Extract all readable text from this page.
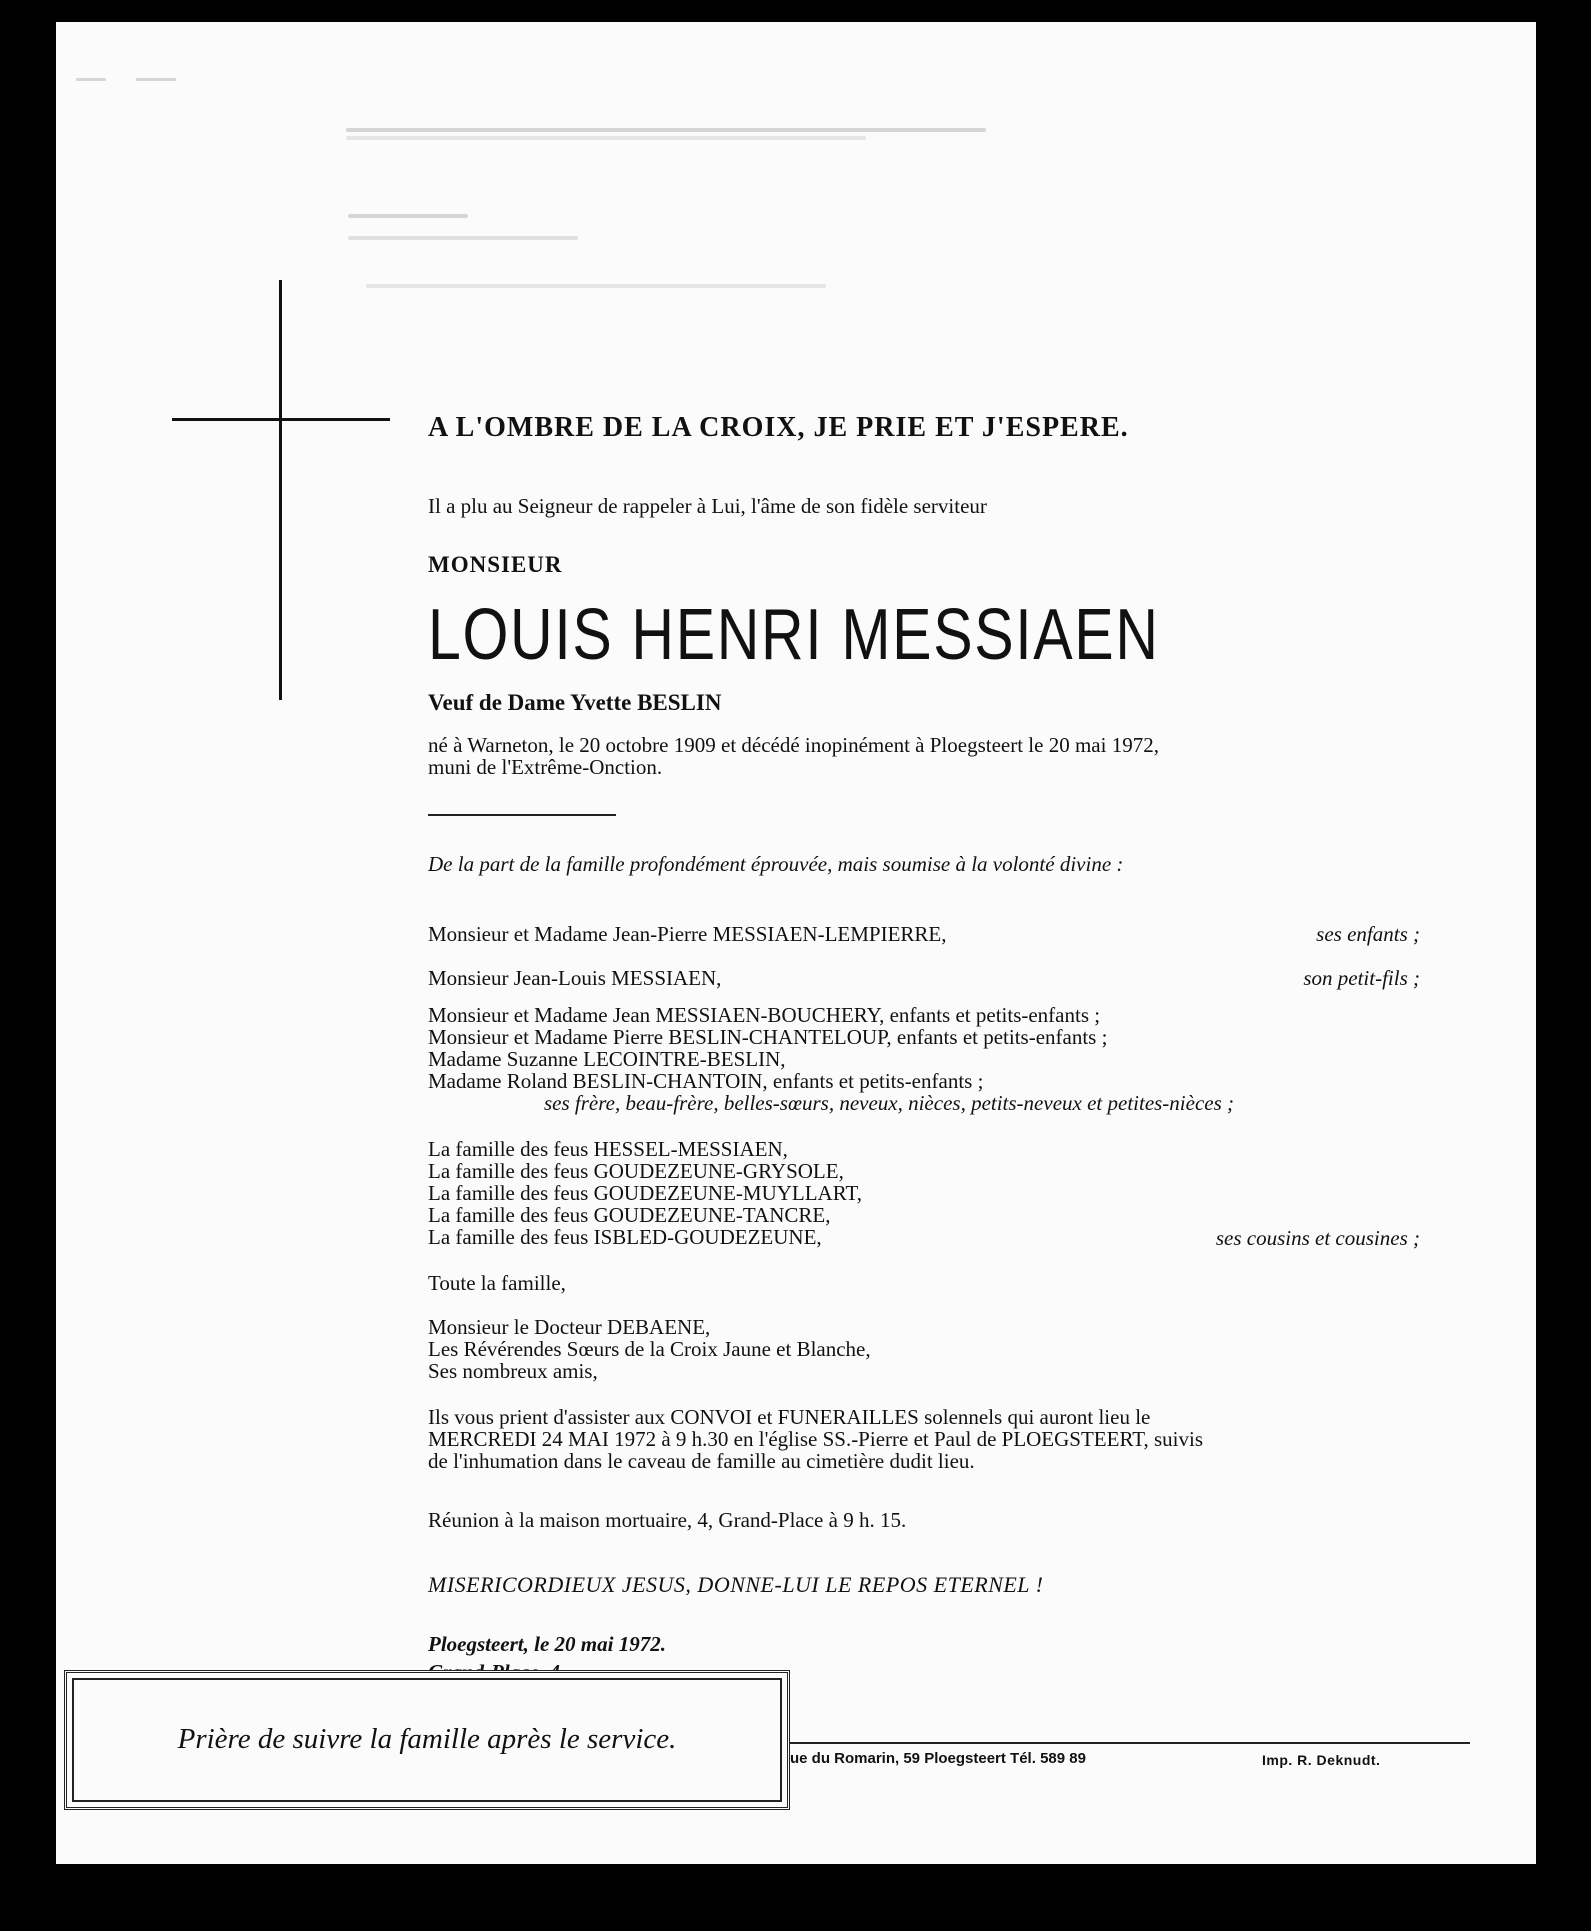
A L'OMBRE DE LA CROIX, JE PRIE ET J'ESPERE.
Il a plu au Seigneur de rappeler à Lui, l'âme de son fidèle serviteur
MONSIEUR
LOUIS HENRI MESSIAEN
Veuf de Dame Yvette BESLIN
né à Warneton, le 20 octobre 1909 et décédé inopinément à Ploegsteert le 20 mai 1972,
muni de l'Extrême-Onction.
De la part de la famille profondément éprouvée, mais soumise à la volonté divine :
Monsieur et Madame Jean-Pierre MESSIAEN-LEMPIERRE,	ses enfants ;
Monsieur Jean-Louis MESSIAEN,	son petit-fils ;
Monsieur et Madame Jean MESSIAEN-BOUCHERY, enfants et petits-enfants ;
Monsieur et Madame Pierre BESLIN-CHANTELOUP, enfants et petits-enfants ;
Madame Suzanne LECOINTRE-BESLIN,
Madame Roland BESLIN-CHANTOIN, enfants et petits-enfants ;
ses frère, beau-frère, belles-sœurs, neveux, nièces, petits-neveux et petites-nièces ;
La famille des feus HESSEL-MESSIAEN,
La famille des feus GOUDEZEUNE-GRYSOLE,
La famille des feus GOUDEZEUNE-MUYLLART,
La famille des feus GOUDEZEUNE-TANCRE,
La famille des feus ISBLED-GOUDEZEUNE,	ses cousins et cousines ;
Toute la famille,
Monsieur le Docteur DEBAENE,
Les Révérendes Sœurs de la Croix Jaune et Blanche,
Ses nombreux amis,
Ils vous prient d'assister aux CONVOI et FUNERAILLES solennels qui auront lieu le
MERCREDI 24 MAI 1972 à 9 h.30 en l'église SS.-Pierre et Paul de PLOEGSTEERT, suivis
de l'inhumation dans le caveau de famille au cimetière dudit lieu.
Réunion à la maison mortuaire, 4, Grand-Place à 9 h. 15.
MISERICORDIEUX JESUS, DONNE-LUI LE REPOS ETERNEL !
Ploegsteert, le 20 mai 1972.
Prière de suivre la famille après le service.
ue du Romarin, 59 Ploegsteert Tél. 589 89	Imp. R. Deknudt.
